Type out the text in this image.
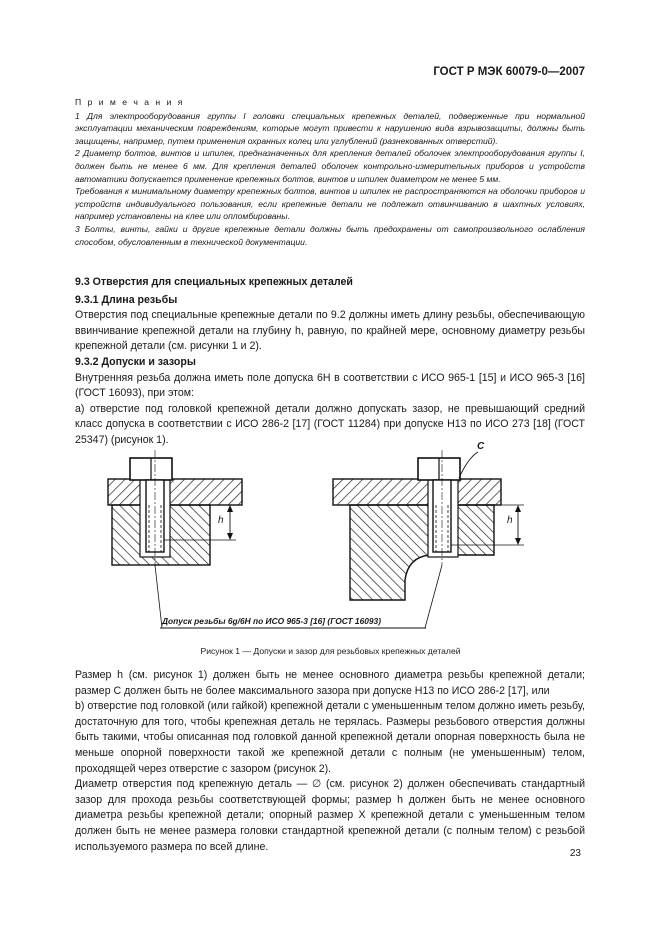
ГОСТ Р МЭК 60079-0—2007

П р и м е ч а н и я

1 Для электрооборудования группы I головки специальных крепежных деталей, подверженные при нормальной эксплуатации механическим повреждениям, которые могут привести к нарушению вида взрывозащиты, должны быть защищены, например, путем применения охранных колец или углублений (разнекованных отверстий).

2 Диаметр болтов, винтов и шпилек, предназначенных для крепления деталей оболочек электрооборудования группы I, должен быть не менее 6 мм. Для крепления деталей оболочек контрольно-измерительных приборов и устройств автоматики допускается применение крепежных болтов, винтов и шпилек диаметром не менее 5 мм.

Требования к минимальному диаметру крепежных болтов, винтов и шпилек не распространяются на оболочки приборов и устройств индивидуального пользования, если крепежные детали не подлежат отвинчиванию в шахтных условиях, например установлены на клее или опломбированы.

3 Болты, винты, гайки и другие крепежные детали должны быть предохранены от самопроизвольного ослабления способом, обусловленным в технической документации.

9.3 Отверстия для специальных крепежных деталей

9.3.1 Длина резьбы

Отверстия под специальные крепежные детали по 9.2 должны иметь длину резьбы, обеспечивающую ввинчивание крепежной детали на глубину h, равную, по крайней мере, основному диаметру резьбы крепежной детали (см. рисунки 1 и 2).

9.3.2 Допуски и зазоры

Внутренняя резьба должна иметь поле допуска 6H в соответствии с ИСО 965-1 [15] и ИСО 965-3 [16] (ГОСТ 16093), при этом:

а) отверстие под головкой крепежной детали должно допускать зазор, не превышающий средний класс допуска в соответствии с ИСО 286-2 [17] (ГОСТ 11284) при допуске H13 по ИСО 273 [18] (ГОСТ 25347) (рисунок 1).

C
h	h
Допуск резьбы 6g/6H по ИСО 965-3 [16] (ГОСТ 16093)
Рисунок 1 — Допуски и зазор для резьбовых крепежных деталей

Размер h (см. рисунок 1) должен быть не менее основного диаметра резьбы крепежной детали; размер C должен быть не более максимального зазора при допуске H13 по ИСО 286-2 [17], или

b) отверстие под головкой (или гайкой) крепежной детали с уменьшенным телом должно иметь резьбу, достаточную для того, чтобы крепежная деталь не терялась. Размеры резьбового отверстия должны быть такими, чтобы описанная под головкой данной крепежной детали опорная поверхность была не меньше опорной поверхности такой же крепежной детали с полным (не уменьшенным) телом, проходящей через отверстие с зазором (рисунок 2).

Диаметр отверстия под крепежную деталь — ∅ (см. рисунок 2) должен обеспечивать стандартный зазор для прохода резьбы соответствующей формы; размер h должен быть не менее основного диаметра резьбы крепежной детали; опорный размер X крепежной детали с уменьшенным телом должен быть не менее размера головки стандартной крепежной детали (с полным телом) с резьбой используемого размера по всей длине.

23
